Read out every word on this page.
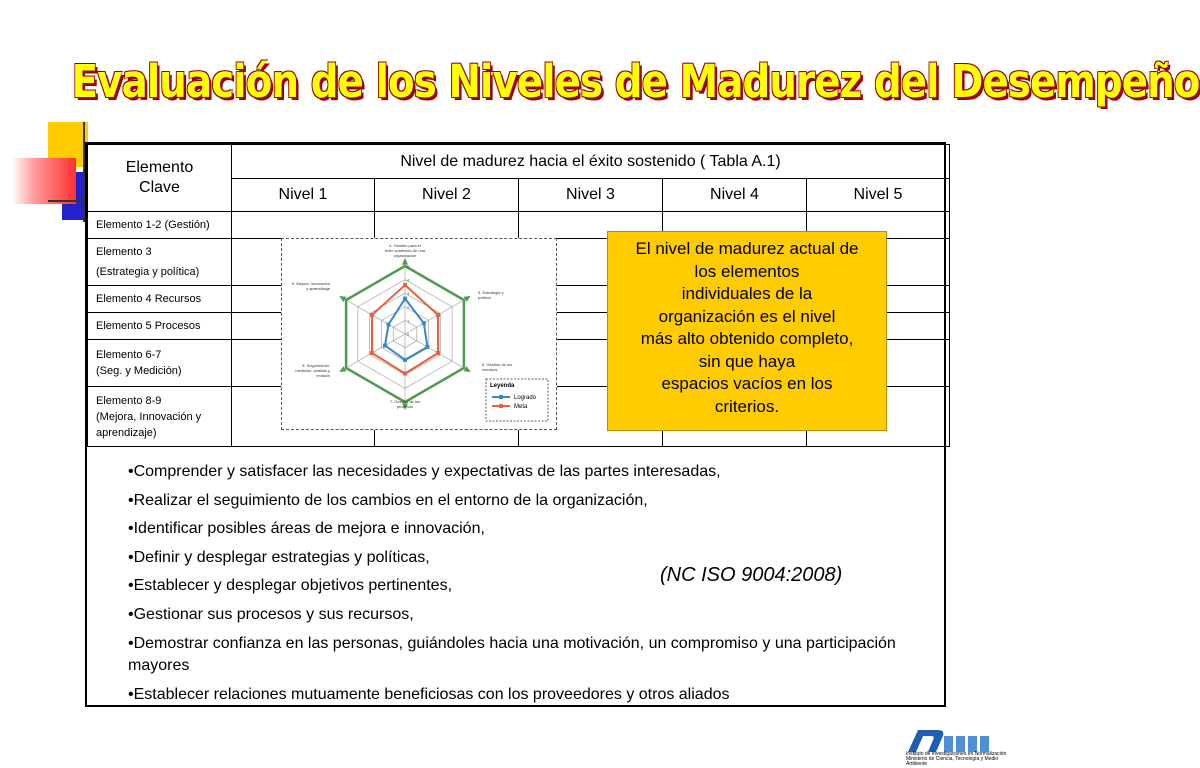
Evaluación de los Niveles de Madurez del Desempeño
Elemento Clave	Nivel de madurez hacia el éxito sostenido ( Tabla A.1)				
	Nivel 1	Nivel 2	Nivel 3	Nivel 4	Nivel 5
Elemento 1-2 (Gestión)					

Elemento 3
(Estrategia y política)					

Elemento 4 Recursos					
Elemento 5 Procesos					

Elemento 6-7
(Seg. y Medición)					

Elemento 8-9
(Mejora, Innovación y
aprendizaje)					

0
1
2
3
4
5
4. Gestión para el éxito sostenido de una organización
5. Estrategia y política
6. Gestión de los recursos
7. Gestión de los procesos
8. Seguimiento, medición, análisis y revisión
9. Mejora, innovación y aprendizaje
Leyenda
Logrado
Meta
El nivel de madurez actual de
los elementos
individuales de la
organización es el nivel
más alto obtenido completo,
sin que haya
espacios vacíos en los
criterios.
•Comprender y satisfacer las necesidades y expectativas de las partes interesadas,
•Realizar el seguimiento de los cambios en el entorno de la organización,
•Identificar posibles áreas de mejora e innovación,
•Definir y desplegar estrategias y políticas,
•Establecer y desplegar objetivos pertinentes,
•Gestionar sus procesos y sus recursos,
•Demostrar confianza en las personas, guiándoles hacia una motivación, un compromiso y una participación mayores
•Establecer relaciones mutuamente beneficiosas con los proveedores y otros aliados
(NC ISO 9004:2008)
Instituto de Investigaciones en Normalización
Ministerio de Ciencia, Tecnología y Medio Ambiente
